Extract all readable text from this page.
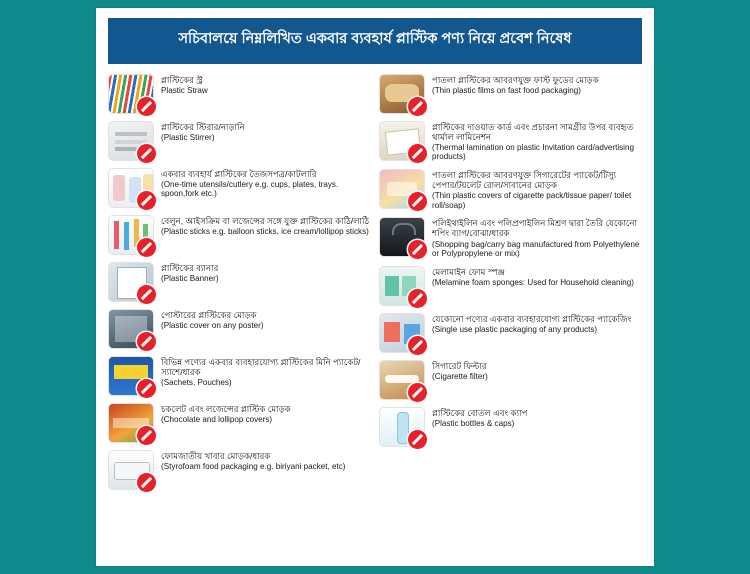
সচিবালয়ে নিম্নলিখিত একবার ব্যবহার্য প্লাস্টিক পণ্য নিয়ে প্রবেশ নিষেধ
প্লাস্টিকের স্ট্র
Plastic Straw
প্লাস্টিকের স্টিরার/নাড়ানি
(Plastic Stirrer)
একবার ব্যবহার্য প্লাস্টিকের তৈজসপত্র/কাটলারি
(One-time utensils/cutlery e.g. cups, plates, trays. spoon,fork etc.)
বেলুন, আইসক্রিম বা লজেন্সের সঙ্গে যুক্ত প্লাস্টিকের কাঠি/লাঠি
(Plastic sticks e.g. balloon sticks, ice cream/lollipop sticks)
প্লাস্টিকের ব্যানার
(Plastic Banner)
পোস্টারের প্লাস্টিকের মোড়ক
(Plastic cover on any poster)
বিভিন্ন পণ্যের একবার ব্যবহারযোগ্য প্লাস্টিকের মিনি প্যাকেট/স্যাশে/ধারক
(Sachets, Pouches)
চকলেট এবং লজেন্সের প্লাস্টিক মোড়ক
(Chocolate and lollipop covers)
ফোমজাতীয় খাবার মোড়ক/ধারক
(Styrofoam food packaging e.g. biriyani packet, etc)
পাতলা প্লাস্টিকের আবরণযুক্ত ফাস্ট ফুডের মোড়ক
(Thin plastic films on fast food packaging)
প্লাস্টিকের দাওয়াত কার্ড এবং প্রচারনা সামগ্রীর উপর ব্যবহৃত থার্মাল লামিনেশন
(Thermal lamination on plastic Invitation card/advertising products)
পাতলা প্লাস্টিকের আবরণযুক্ত সিগারেটের প্যাকেট/টিস্যু পেপার/টয়লেট রোল/সাবানের মোড়ক
(Thin plastic covers of cigarette pack/tissue paper/ toilet roll/soap)
পলিইথাইলিন এবং পলিপ্রপাইলিন মিশ্রণ দ্বারা তৈরি যেকোনো শপিং ব্যাগ/বোঝা/ধারক
(Shopping bag/carry bag manufactured from Polyethylene or Polypropylene or mix)
মেলামাইন ফোম স্পঞ্জ
(Melamine foam sponges: Used for Household cleaning)
যেকোনো পণ্যের একবার ব্যবহারযোগ্য প্লাস্টিকের প্যাকেজিং
(Single use plastic packaging of any products)
সিগারেট ফিল্টার
(Cigarette filter)
প্লাস্টিকের বোতল এবং ক্যাপ
(Plastic bottles & caps)
